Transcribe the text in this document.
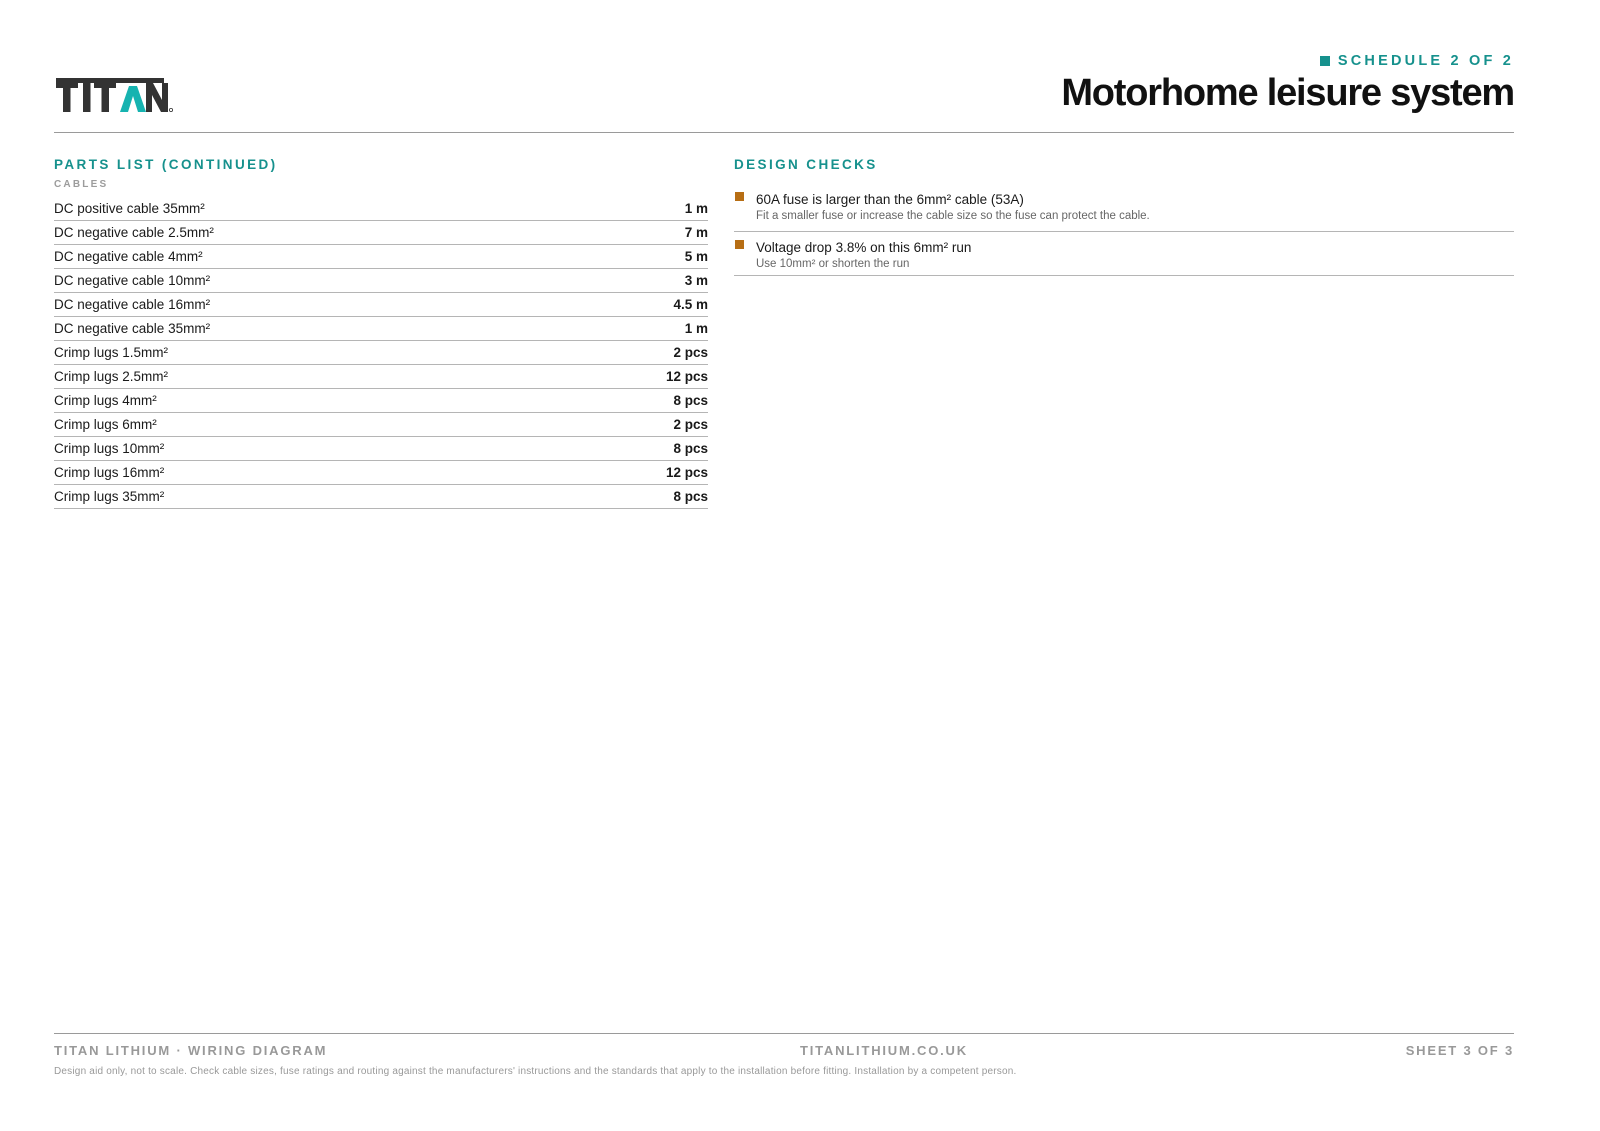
SCHEDULE 2 OF 2
Motorhome leisure system
PARTS LIST (CONTINUED)
CABLES
DC positive cable 35mm²	1 m
DC negative cable 2.5mm²	7 m
DC negative cable 4mm²	5 m
DC negative cable 10mm²	3 m
DC negative cable 16mm²	4.5 m
DC negative cable 35mm²	1 m
Crimp lugs 1.5mm²	2 pcs
Crimp lugs 2.5mm²	12 pcs
Crimp lugs 4mm²	8 pcs
Crimp lugs 6mm²	2 pcs
Crimp lugs 10mm²	8 pcs
Crimp lugs 16mm²	12 pcs
Crimp lugs 35mm²	8 pcs
DESIGN CHECKS
60A fuse is larger than the 6mm² cable (53A)
Fit a smaller fuse or increase the cable size so the fuse can protect the cable.
Voltage drop 3.8% on this 6mm² run
Use 10mm² or shorten the run
TITAN LITHIUM · WIRING DIAGRAM	TITANLITHIUM.CO.UK	SHEET 3 OF 3
Design aid only, not to scale. Check cable sizes, fuse ratings and routing against the manufacturers' instructions and the standards that apply to the installation before fitting. Installation by a competent person.
